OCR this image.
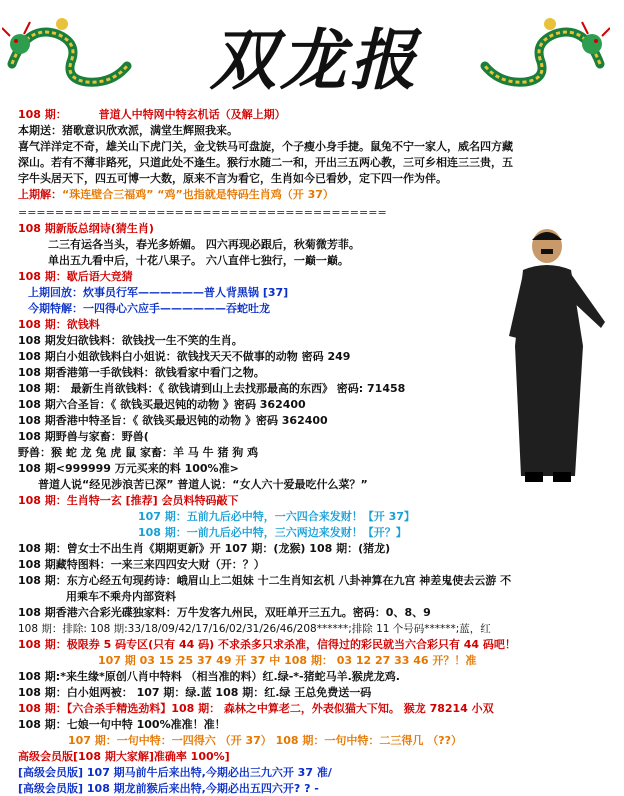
双龙报
108 期：	普道人中特网中特玄机话（及解上期）
本期送：猪歌意识欣欢派，满堂生辉照我来。
喜气洋洋定不奇，雄关山下虎门关，金戈铁马可盘旋，个子瘦小身手捷。鼠兔不宁一家人，威名四方藏
深山。若有不薄非路死，只道此处不逢生。猴行水随二一和，开出三五两心教，三可乡相连三三贵，五
字牛头居天下，四五可博一大数，原来不言为看它，生肖如今已看妙，定下四一作为伴。
上期解：“珠连壁合三福鸡” “鸡”也指就是特码生肖鸡（开 37）
========================================
108 期新版总纲诗(猜生肖)
二三有运各当头，春光多娇媚。 四六再现必跟后，秋菊微芳菲。
单出五九看中后，十花八果子。 六八直伴七独行，一巅一巅。
108 期：歇后语大竞猜
上期回放：炊事员行军——————普人背黑锅 [37]
今期特解：一四得心六应手——————吞蛇吐龙
108 期：欲钱料
108 期发妇欲钱料：欲钱找一生不笑的生肖。
108 期白小姐欲钱料白小姐说：欲钱找天天不做事的动物 密码 249
108 期香港第一手欲钱料：欲钱看家中看门之物。
108 期： 最新生肖欲钱料：《 欲钱请到山上去找那最高的东西》 密码: 71458
108 期六合圣旨：《 欲钱买最迟钝的动物 》密码 362400
108 期香港中特圣旨：《 欲钱买最迟钝的动物 》密码 362400
108 期野兽与家畜：野兽(
野兽：猴 蛇 龙 兔 虎 鼠 家畜：羊 马 牛 猪 狗 鸡
108 期<999999 万元买来的料 100%准>
普道人说“经见涉浪苦已深” 普道人说：“女人六十爱最吃什么菜？”
108 期：生肖特一玄 [推荐] 会员料特码敲下
107 期：五前九后必中特，一六四合来发财！【开 37】
108 期：一前九后必中特，三六两边来发财！【开？】
108 期：曾女士不出生肖《期期更新》开 107 期：(龙猴) 108 期：(猪龙)
108 期藏特图料：一来三来四四安大财（开：？）
108 期：东方心经五句现药诗：峨眉山上二姐妹 十二生肖知玄机 八卦神算在九宫 神差鬼使去云游 不
用乘车不乘舟内部资料
108 期香港六合彩光碟独家料：万牛发客九州民，双旺单开三五九。密码：0、8、9
108 期：排除: 108 期:33/18/09/42/17/16/02/31/26/46/208******;排除 11 个号码******;蓝，红
108 期：极限券 5 码专区(只有 44 码) 不求杀多只求杀准，信得过的彩民就当六合彩只有 44 码吧！
107 期 03 15 25 37 49 开 37 中 108 期： 03 12 27 33 46 开？！准
108 期:*来生缘*原创八肖中特料 （相当准的料）红.绿-*-猪蛇马羊.猴虎龙鸡.
108 期：白小姐两被： 107 期：绿.蓝 108 期：红.绿 王总免费送一码
108 期：【六合杀手精选劲料】108 期： 森林之中算老二，外表似猫大下知。 猴龙 78214 小双
108 期：七娘一句中特 100%准准！准！
107 期：一句中特：一四得六 （开 37） 108 期：一句中特：二三得几 （??）
高级会员版[108 期大家解]准确率 100%]
[高级会员版] 107 期马前牛后来出特,今期必出三九六开 37 准/
[高级会员版] 108 期龙前猴后来出特,今期必出五四六开? ? -
